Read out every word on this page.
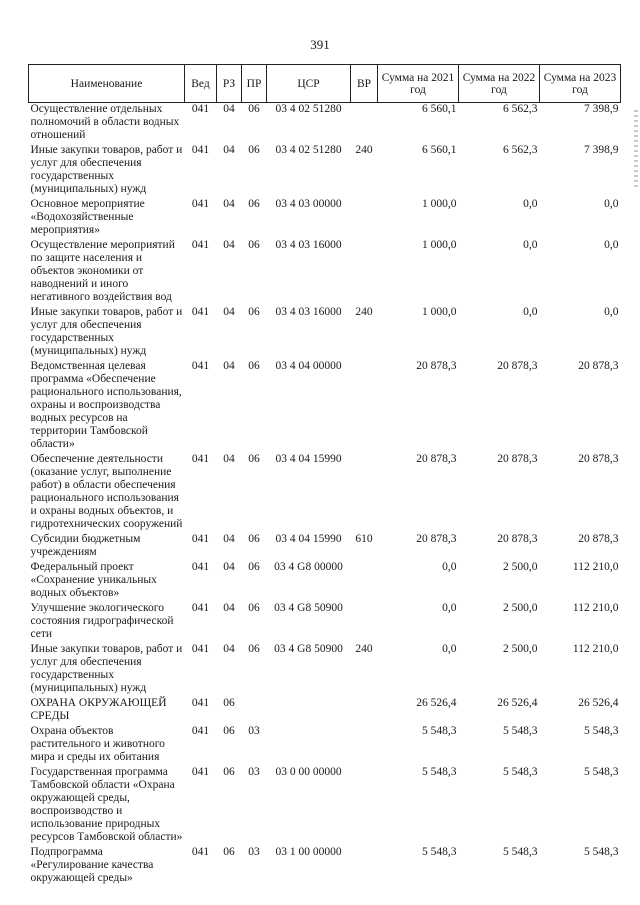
391
Наименование	Вед	РЗ	ПР	ЦСР	ВР	Сумма на 2021 год	Сумма на 2022 год	Сумма на 2023 год
Осуществление отдельных полномочий в области водных отношений	041	04	06	03 4 02 51280		6 560,1	6 562,3	7 398,9
Иные закупки товаров, работ и услуг для обеспечения государственных (муниципальных) нужд	041	04	06	03 4 02 51280	240	6 560,1	6 562,3	7 398,9
Основное мероприятие «Водохозяйственные мероприятия»	041	04	06	03 4 03 00000		1 000,0	0,0	0,0
Осуществление мероприятий по защите населения и объектов экономики от наводнений и иного негативного воздействия вод	041	04	06	03 4 03 16000		1 000,0	0,0	0,0
Иные закупки товаров, работ и услуг для обеспечения государственных (муниципальных) нужд	041	04	06	03 4 03 16000	240	1 000,0	0,0	0,0
Ведомственная целевая программа «Обеспечение рационального использования, охраны и воспроизводства водных ресурсов на территории Тамбовской области»	041	04	06	03 4 04 00000		20 878,3	20 878,3	20 878,3
Обеспечение деятельности (оказание услуг, выполнение работ) в области обеспечения рационального использования и охраны водных объектов, и гидротехнических сооружений	041	04	06	03 4 04 15990		20 878,3	20 878,3	20 878,3
Субсидии бюджетным учреждениям	041	04	06	03 4 04 15990	610	20 878,3	20 878,3	20 878,3
Федеральный проект «Сохранение уникальных водных объектов»	041	04	06	03 4 G8 00000		0,0	2 500,0	112 210,0
Улучшение экологического состояния гидрографической сети	041	04	06	03 4 G8 50900		0,0	2 500,0	112 210,0
Иные закупки товаров, работ и услуг для обеспечения государственных (муниципальных) нужд	041	04	06	03 4 G8 50900	240	0,0	2 500,0	112 210,0
ОХРАНА ОКРУЖАЮЩЕЙ СРЕДЫ	041	06				26 526,4	26 526,4	26 526,4
Охрана объектов растительного и животного мира и среды их обитания	041	06	03			5 548,3	5 548,3	5 548,3
Государственная программа Тамбовской области «Охрана окружающей среды, воспроизводство и использование природных ресурсов Тамбовской области»	041	06	03	03 0 00 00000		5 548,3	5 548,3	5 548,3
Подпрограмма «Регулирование качества окружающей среды»	041	06	03	03 1 00 00000		5 548,3	5 548,3	5 548,3
